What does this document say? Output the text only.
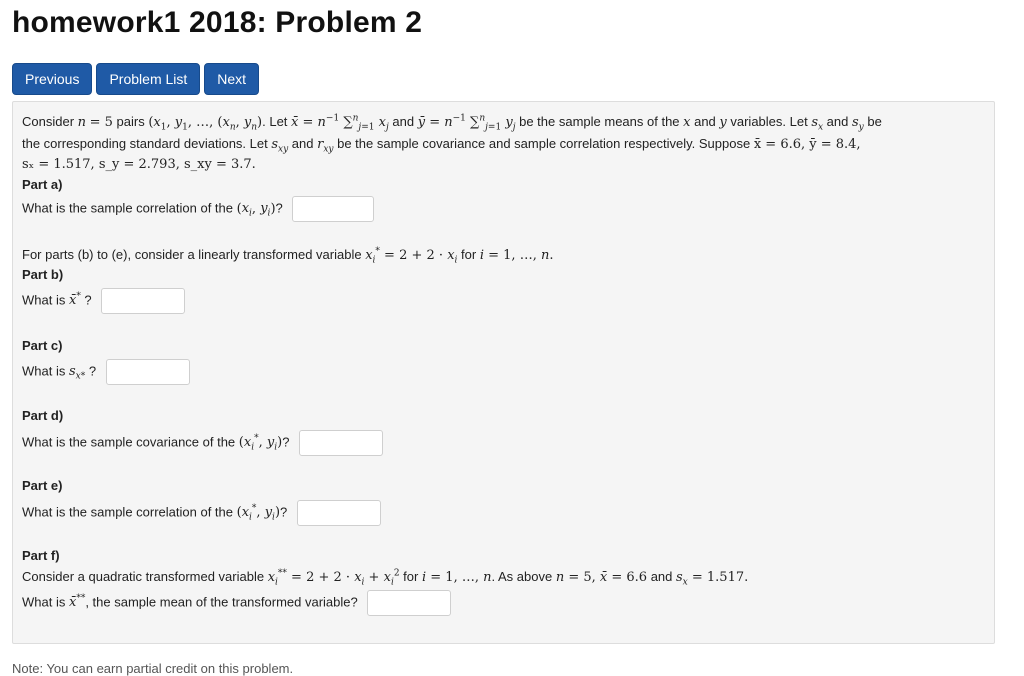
homework1 2018: Problem 2
Previous	Problem List	Next
Consider n = 5 pairs ($x_1$, $y_1$, …, ($x_n$, $y_n$). Let x̄ = $n^{-1}$ ∑$^n_{j=1}$ $x_j$ and ȳ = $n^{-1}$ ∑$^n_{j=1}$ $y_j$ be the sample means of the x and y variables. Let $s_x$ and $s_y$ be
the corresponding standard deviations. Let $s_{xy}$ and $r_{xy}$ be the sample covariance and sample correlation respectively. Suppose x̄ = 6.6, ȳ = 8.4,
sₓ = 1.517, s_y = 2.793, s_xy = 3.7.
Part a)
What is the sample correlation of the ($x_i$, $y_i$)?
For parts (b) to (e), consider a linearly transformed variable $x_i^* = 2 + 2 \cdot x_i$ for i = 1, …, n.
Part b)
What is x̄* ?
Part c)
What is $s_{x*}$ ?
Part d)
What is the sample covariance of the ($x_i^*$, $y_i$)?
Part e)
What is the sample correlation of the ($x_i^*$, $y_i$)?
Part f)
Consider a quadratic transformed variable $x_i^{**} = 2 + 2 \cdot x_i + x_i^2$ for i = 1, …, n. As above n = 5, x̄ = 6.6 and $s_x = 1.517$.
What is x̄**, the sample mean of the transformed variable?
Note: You can earn partial credit on this problem.
